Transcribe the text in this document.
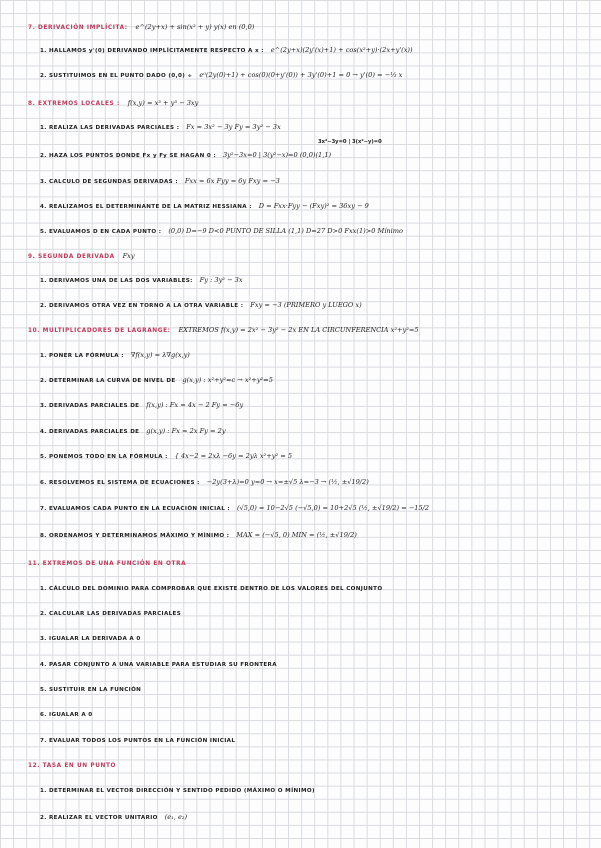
3x²−3y=0 | 3(x²−y)=0
7. DERIVACIÓN IMPLÍCITA: e^(2y+x) + sin(x² + y) y(x) en (0,0)
1. HALLAMOS y'(0) DERIVANDO IMPLÍCITAMENTE RESPECTO A x : e^(2y+x)(2y'(x)+1) + cos(x²+y)·(2x+y'(x))
2. SUSTITUIMOS EN EL PUNTO DADO (0,0) ÷ e⁰(2y(0)+1) + cos(0)(0+y'(0)) + 3y'(0)+1 = 0 → y'(0) = −⅓ x
8. EXTREMOS LOCALES : f(x,y) = x³ + y³ − 3xy
1. REALIZA LAS DERIVADAS PARCIALES : Fx = 3x² − 3y Fy = 3y² − 3x
2. HAZA LOS PUNTOS DONDE Fx y Fy SE HAGAN 0 : 3y²−3x=0 | 3(y²−x)=0 (0,0)(1,1)
3. CALCULO DE SEGUNDAS DERIVADAS : Fxx = 6x Fyy = 6y Fxy = −3
4. REALIZAMOS EL DETERMINANTE DE LA MATRIZ HESSIANA : D = Fxx·Fyy − (Fxy)² = 36xy − 9
5. EVALUAMOS D EN CADA PUNTO : (0,0) D=−9 D<0 PUNTO DE SILLA (1,1) D=27 D>0 Fxx(1)>0 Mínimo
9. SEGUNDA DERIVADA Fxy
1. DERIVAMOS UNA DE LAS DOS VARIABLES: Fy : 3y² − 3x
2. DERIVAMOS OTRA VEZ EN TORNO A LA OTRA VARIABLE : Fxy = −3 (PRIMERO y LUEGO x)
10. MULTIPLICADORES DE LAGRANGE: EXTREMOS f(x,y) = 2x² − 3y² − 2x EN LA CIRCUNFERENCIA x²+y²=5
1. PONER LA FÓRMULA : ∇f(x,y) = λ∇g(x,y)
2. DETERMINAR LA CURVA DE NIVEL DE g(x,y) : x²+y²=c → x²+y²=5
3. DERIVADAS PARCIALES DE f(x,y) : Fx = 4x − 2 Fy = −6y
4. DERIVADAS PARCIALES DE g(x,y) : Fx = 2x Fy = 2y
5. PONEMOS TODO EN LA FÓRMULA : { 4x−2 = 2xλ −6y = 2yλ x²+y² = 5
6. RESOLVEMOS EL SISTEMA DE ECUACIONES : −2y(3+λ)=0 y=0 → x=±√5 λ=−3 → (½, ±√19/2)
7. EVALUAMOS CADA PUNTO EN LA ECUACIÓN INICIAL : (√5,0) = 10−2√5 (−√5,0) = 10+2√5 (½, ±√19/2) = −15/2
8. ORDENAMOS Y DETERMINAMOS MÁXIMO Y MÍNIMO : MAX = (−√5, 0) MIN = (½, ±√19/2)
11. EXTREMOS DE UNA FUNCIÓN EN OTRA
1. CÁLCULO DEL DOMINIO PARA COMPROBAR QUE EXISTE DENTRO DE LOS VALORES DEL CONJUNTO
2. CALCULAR LAS DERIVADAS PARCIALES
3. IGUALAR LA DERIVADA A 0
4. PASAR CONJUNTO A UNA VARIABLE PARA ESTUDIAR SU FRONTERA
5. SUSTITUIR EN LA FUNCIÓN
6. IGUALAR A 0
7. EVALUAR TODOS LOS PUNTOS EN LA FUNCIÓN INICIAL
12. TASA EN UN PUNTO
1. DETERMINAR EL VECTOR DIRECCIÓN Y SENTIDO PEDIDO (MÁXIMO O MÍNIMO)
2. REALIZAR EL VECTOR UNITARIO (e₁, e₂)
